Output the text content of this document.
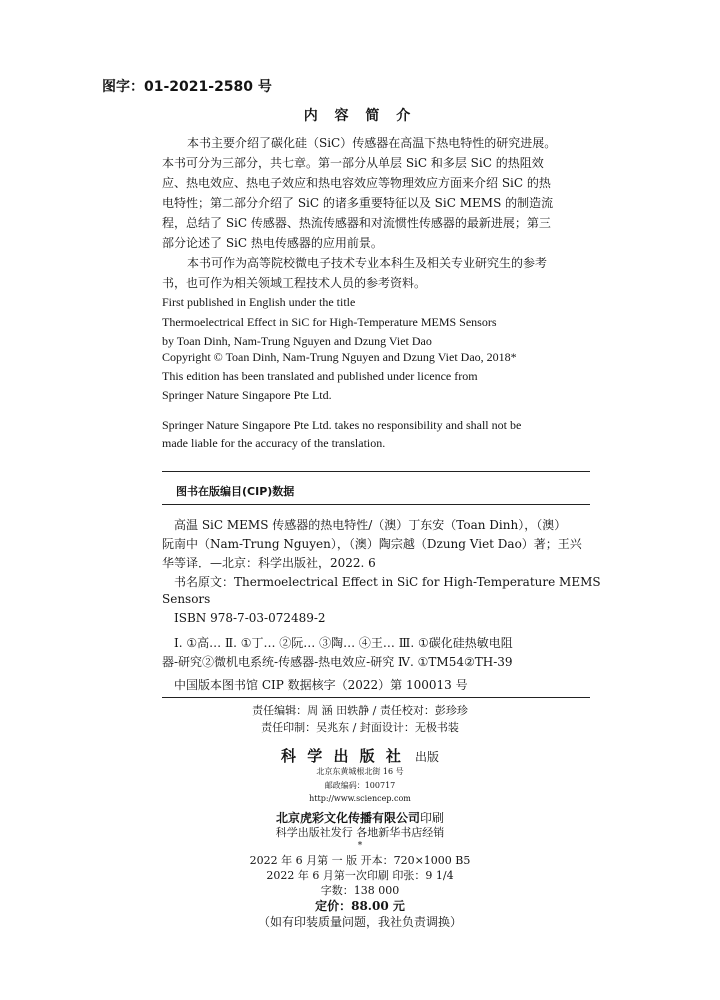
图字：01-2021-2580 号
内 容 简 介
本书主要介绍了碳化硅（SiC）传感器在高温下热电特性的研究进展。
本书可分为三部分，共七章。第一部分从单层 SiC 和多层 SiC 的热阻效
应、热电效应、热电子效应和热电容效应等物理效应方面来介绍 SiC 的热
电特性；第二部分介绍了 SiC 的诸多重要特征以及 SiC MEMS 的制造流
程，总结了 SiC 传感器、热流传感器和对流惯性传感器的最新进展；第三
部分论述了 SiC 热电传感器的应用前景。
本书可作为高等院校微电子技术专业本科生及相关专业研究生的参考
书，也可作为相关领域工程技术人员的参考资料。
First published in English under the title
Thermoelectrical Effect in SiC for High-Temperature MEMS Sensors
by Toan Dinh, Nam-Trung Nguyen and Dzung Viet Dao
Copyright © Toan Dinh, Nam-Trung Nguyen and Dzung Viet Dao, 2018*
This edition has been translated and published under licence from
Springer Nature Singapore Pte Ltd.
Springer Nature Singapore Pte Ltd. takes no responsibility and shall not be
made liable for the accuracy of the translation.
图书在版编目(CIP)数据
高温 SiC MEMS 传感器的热电特性/（澳）丁东安（Toan Dinh），（澳）
阮南中（Nam-Trung Nguyen），（澳）陶宗越（Dzung Viet Dao）著；王兴
华等译．—北京：科学出版社，2022. 6
书名原文：Thermoelectrical Effect in SiC for High-Temperature MEMS
Sensors
ISBN 978-7-03-072489-2
Ⅰ. ①高… Ⅱ. ①丁… ②阮… ③陶… ④王… Ⅲ. ①碳化硅热敏电阻
器-研究②微机电系统-传感器-热电效应-研究 Ⅳ. ①TM54②TH-39
中国版本图书馆 CIP 数据核字（2022）第 100013 号
责任编辑：周 涵 田轶静 / 责任校对：彭珍珍
责任印制：吴兆东 / 封面设计：无极书装
科 学 出 版 社 出版
北京东黄城根北街 16 号
邮政编码：100717
http://www.sciencep.com
北京虎彩文化传播有限公司印刷
科学出版社发行 各地新华书店经销
*
2022 年 6 月第 一 版 开本：720×1000 B5
2022 年 6 月第一次印刷 印张：9 1/4
字数：138 000
定价：88.00 元
（如有印装质量问题，我社负责调换）
